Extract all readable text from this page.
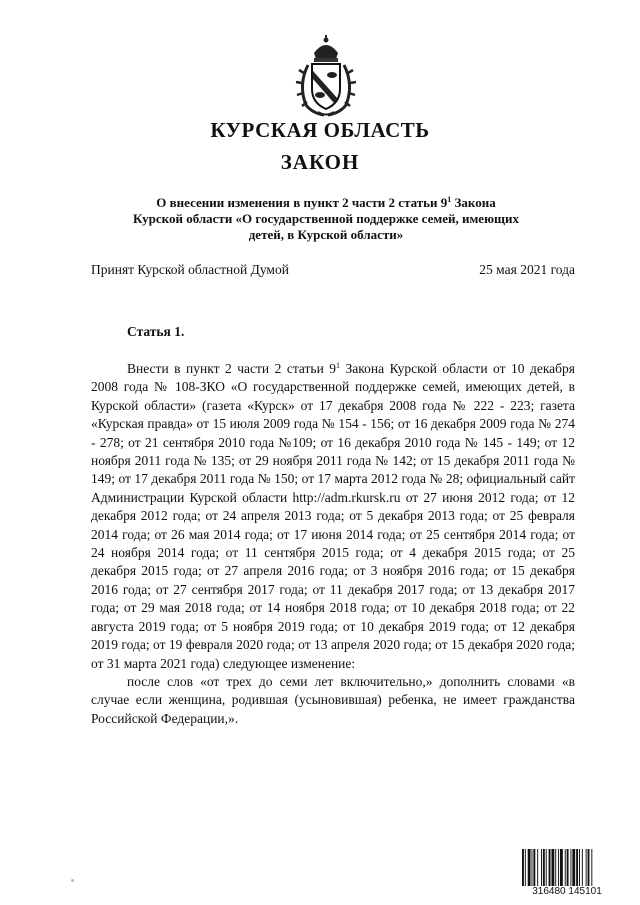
КУРСКАЯ ОБЛАСТЬ
ЗАКОН
О внесении изменения в пункт 2 части 2 статьи $9^1$ Закона
Курской области «О государственной поддержке семей, имеющих
детей, в Курской области»
Принят Курской областной Думой	25 мая 2021 года
Статья 1.

Внести в пункт 2 части 2 статьи $9^1$ Закона Курской области от 10 декабря 2008 года № 108-ЗКО «О государственной поддержке семей, имеющих детей, в Курской области» (газета «Курск» от 17 декабря 2008 года № 222 - 223; газета «Курская правда» от 15 июля 2009 года № 154 - 156; от 16 декабря 2009 года № 274 - 278; от 21 сентября 2010 года №109; от 16 декабря 2010 года № 145 - 149; от 12 ноября 2011 года № 135; от 29 ноября 2011 года № 142; от 15 декабря 2011 года № 149; от 17 декабря 2011 года № 150; от 17 марта 2012 года № 28; официальный сайт Администрации Курской области http://adm.rkursk.ru от 27 июня 2012 года; от 12 декабря 2012 года; от 24 апреля 2013 года; от 5 декабря 2013 года; от 25 февраля 2014 года; от 26 мая 2014 года; от 17 июня 2014 года; от 25 сентября 2014 года; от 24 ноября 2014 года; от 11 сентября 2015 года; от 4 декабря 2015 года; от 25 декабря 2015 года; от 27 апреля 2016 года; от 3 ноября 2016 года; от 15 декабря 2016 года; от 27 сентября 2017 года; от 11 декабря 2017 года; от 13 декабря 2017 года; от 29 мая 2018 года; от 14 ноября 2018 года; от 10 декабря 2018 года; от 22 августа 2019 года; от 5 ноября 2019 года; от 10 декабря 2019 года; от 12 декабря 2019 года; от 19 февраля 2020 года; от 13 апреля 2020 года; от 15 декабря 2020 года; от 31 марта 2021 года) следующее изменение:

после слов «от трех до семи лет включительно,» дополнить словами «в случае если женщина, родившая (усыновившая) ребенка, не имеет гражданства Российской Федерации,».

316480 145101
